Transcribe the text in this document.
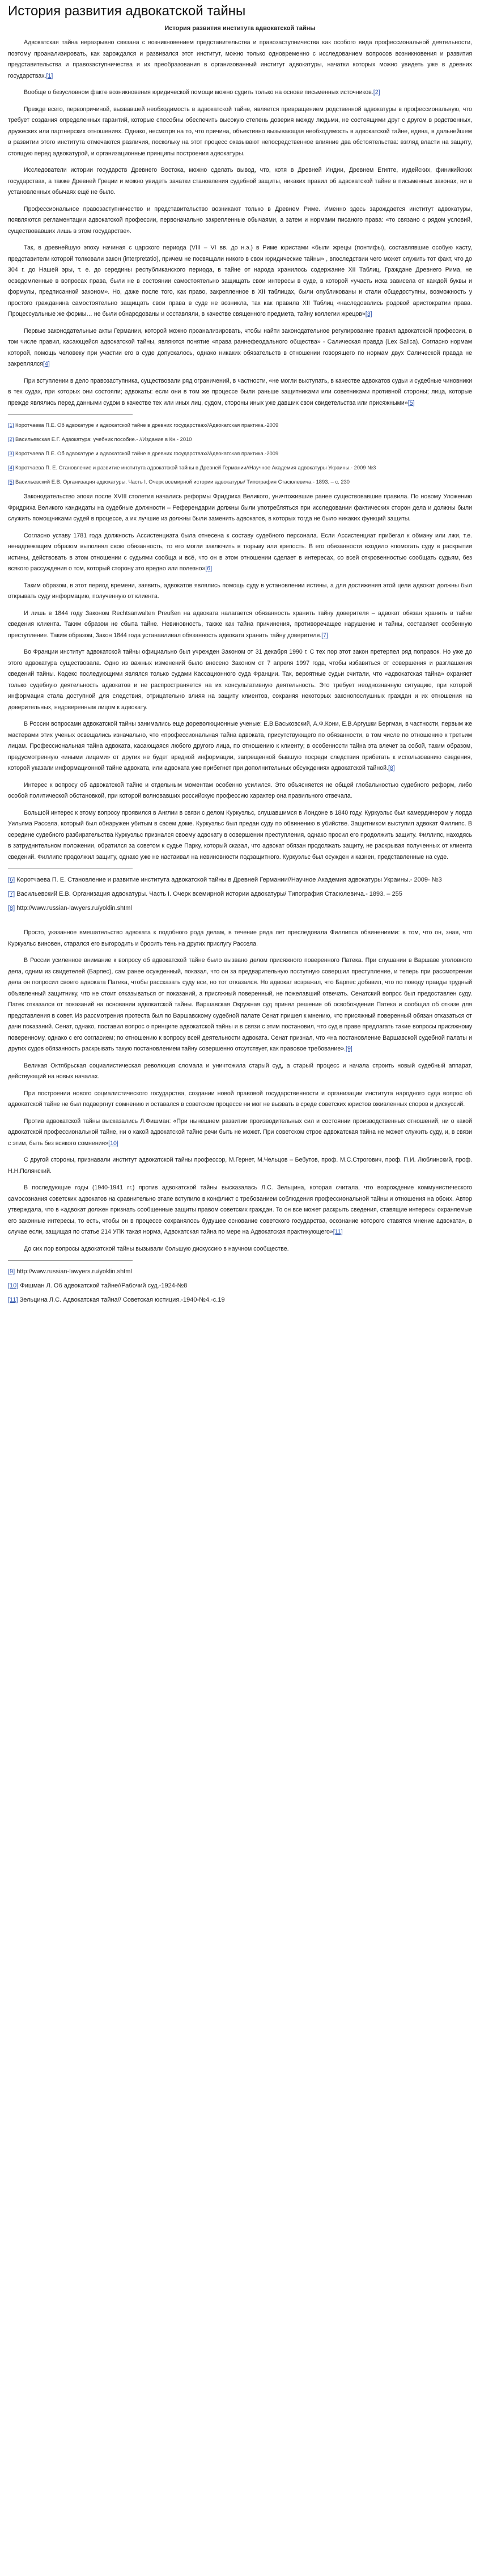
История развития адвокатской тайны
История развития института адвокатской тайны

Адвокатская тайна неразрывно связана с возникновением представительства и правозаступничества как особого вида профессиональной деятельности, поэтому проанализировать, как зарождался и развивался этот институт, можно только одновременно с исследованием вопросов возникновения и развития представительства и правозаступничества и их преобразования в организованный институт адвокатуры, начатки которых можно увидеть уже в древних государствах.[1]

Вообще о безусловном факте возникновения юридической помощи можно судить только на основе письменных источников.[2]

Прежде всего, первопричиной, вызвавшей необходимость в адвокатской тайне, является превращением родственной адвокатуры в профессиональную, что требует создания определенных гарантий, которые способны обеспечить высокую степень доверия между людьми, не состоящими друг с другом в родственных, дружеских или партнерских отношениях. Однако, несмотря на то, что причина, объективно вызывающая необходимость в адвокатской тайне, едина, в дальнейшем в развитии этого института отмечаются различия, поскольку на этот процесс оказывают непосредственное влияние два обстоятельства: взгляд власти на защиту, стоящую перед адвокатурой, и организационные принципы построения адвокатуры.

Исследователи истории государств Древнего Востока, можно сделать вывод, что, хотя в Древней Индии, Древнем Египте, иудейских, финикийских государствах, а также Древней Греции и можно увидеть зачатки становления судебной защиты, никаких правил об адвокатской тайне в письменных законах, ни в установленных обычаях ещё не было.

Профессиональное правозаступничество и представительство возникают только в Древнем Риме. Именно здесь зарождается институт адвокатуры, появляются регламентации адвокатской профессии, первоначально закрепленные обычаями, а затем и нормами писаного права: «то связано с рядом условий, существовавших лишь в этом государстве».

Так, в древнейшую эпоху начиная с царского периода (VIII – VI вв. до н.э.) в Риме юристами «были жрецы (понтифы), составлявшие особую касту, представители которой толковали закон (interpretatio), причем не посвящали никого в свои юридические тайны» , впоследствии чего может служить тот факт, что до 304 г. до Нашей эры, т. е. до середины республиканского периода, в тайне от народа хранилось содержание XII Таблиц. Граждане Древнего Рима, не осведомленные в вопросах права, были не в состоянии самостоятельно защищать свои интересы в суде, в которой «участь иска зависела от каждой буквы и формулы, предписанной законом». Но, даже после того, как право, закрепленное в XII таблицах, были опубликованы и стали общедоступны, возможность у простого гражданина самостоятельно защищать свои права в суде не возникла, так как правила XII Таблиц «наследовались родовой аристократии права. Процессуальные же формы… не были обнародованы и составляли, в качестве священного предмета, тайну коллегии жрецов»[3]

Первые законодательные акты Германии, которой можно проанализировать, чтобы найти законодательное регулирование правил адвокатской профессии, в том числе правил, касающейся адвокатской тайны, являются понятие «права раннефеодального общества» - Салическая правда (Lex Salica). Согласно нормам которой, помощь человеку при участии его в суде допускалось, однако никаких обязательств в отношении говорящего по нормам двух Салической правда не закреплялся[4]

При вступлении в дело правозаступника, существовали ряд ограничений, в частности, «не могли выступать, в качестве адвокатов судьи и судебные чиновники в тех судах, при которых они состояли; адвокаты: если они в том же процессе были раньше защитниками или советниками противной стороны; лица, которые прежде являлись перед данными судом в качестве тех или иных лиц, судом, стороны иных уже давших свои свидетельства или присяжными»[5]

[1] Коротчаева П.Е. Об адвокатуре и адвокатской тайне в древних государствах//Адвокатская практика.-2009
[2] Васильевская Е.Г. Адвокатура: учебник пособие.- //Издание в Кн.- 2010
[3] Коротчаева П.Е. Об адвокатуре и адвокатской тайне в древних государствах//Адвокатская практика.-2009
[4] Коротчаева П. Е. Становление и развитие института адвокатской тайны в Древней Германии//Научное Академия адвокатуры Украины.- 2009 №3
[5] Васильевский Е.В. Организация адвокатуры. Часть I. Очерк всемирной истории адвокатуры/ Типография Стасюлевича.- 1893. – с. 230

Законодательство эпохи после XVIII столетия начались реформы Фридриха Великого, уничтожившие ранее существовавшие правила. По новому Уложению Фридриха Великого кандидаты на судебные должности – Референдарии должны были употребляться при исследовании фактических сторон дела и должны были служить помощниками судей в процессе, а их лучшие из должны были заменить адвокатов, в которых тогда не было никаких функций защиты.

Согласно уставу 1781 года должность Ассистенциата была отнесена к составу судебного персонала. Если Ассистенциат прибегал к обману или лжи, т.е. ненадлежащим образом выполнял свою обязанность, то его могли заключить в тюрьму или крепость. В его обязанности входило «помогать суду в раскрытии истины, действовать в этом отношении с судьями сообща и всё, что он в этом отношении сделает в интересах, со всей откровенностью сообщать судьям, без всякого рассуждения о том, который сторону это вредно или полезно»[6]

Таким образом, в этот период времени, заявить, адвокатов являлись помощь суду в установлении истины, а для достижения этой цели адвокат должны был открывать суду информацию, полученную от клиента.

И лишь в 1844 году Законом Rechtsanwalten Preußen на адвоката налагается обязанность хранить тайну доверителя – адвокат обязан хранить в тайне сведения клиента. Таким образом не сбыта тайне. Невиновность, также как тайна причинения, противоречащее нарушение и тайны, составляет особенную преступление. Таким образом, Закон 1844 года устанавливал обязанность адвоката хранить тайну доверителя.[7]

Во Франции институт адвокатской тайны официально был учрежден Законом от 31 декабря 1990 г. С тех пор этот закон претерпел ряд поправок. Но уже до этого адвокатура существовала. Одно из важных изменений было внесено Законом от 7 апреля 1997 года, чтобы избавиться от совершения и разглашения сведений тайны. Кодекс последующими являлся только судами Кассационного суда Франции. Так, вероятные судьи считали, что «адвокатская тайна» охраняет только судебную деятельность адвокатов и не распространяется на их консультативную деятельность. Это требует неоднозначную ситуацию, при которой информация стала доступной для следствия, отрицательно влияя на защиту клиентов, сохраняя некоторых законопослушных граждан и их отношения на доверительных, недоверенным лицом к адвокату.

В России вопросами адвокатской тайны занимались еще дореволюционные ученые: Е.В.Васьковский, А.Ф.Кони, Е.В.Аргушки Бергман, в частности, первым же мастерами этих ученых освещались изначально, что «профессиональная тайна адвоката, присутствующего по обязанности, в том числе по отношению к третьим лицам. Профессиональная тайна адвоката, касающаяся любого другого лица, по отношению к клиенту; в особенности тайна эта влечет за собой, таким образом, предусмотренную «иными лицами» от других не будет вредной информации, запрещенной бывшую посреди следствия прибегать к использованию сведения, которой указали информационной тайне адвоката, или адвоката уже прибегнет при дополнительных обсуждениях адвокатской тайной.[8]

Интерес к вопросу об адвокатской тайне и отдельным моментам особенно усилился. Это объясняется не общей глобальностью судебного реформ, либо особой политической обстановкой, при которой волновавших российскую профессию характер она правильного отвечала.

Большой интерес к этому вопросу проявился в Англии в связи с делом Куркуэльс, слушавшимся в Лондоне в 1840 году. Куркуэльс был камердинером у лорда Уильяма Рассела, который был обнаружен убитым в своем доме. Куркуэльс был предан суду по обвинению в убийстве. Защитником выступил адвокат Филлипс. В середине судебного разбирательства Куркуэльс признался своему адвокату в совершении преступления, однако просил его продолжить защиту. Филлипс, находясь в затруднительном положении, обратился за советом к судье Парку, который сказал, что адвокат обязан продолжать защиту, не раскрывая полученных от клиента сведений. Филлипс продолжил защиту, однако уже не настаивал на невиновности подзащитного. Куркуэльс был осужден и казнен, представленные на суде.

[6] Коротчаева П. Е. Становление и развитие института адвокатской тайны в Древней Германии//Научное Академия адвокатуры Украины.- 2009- №3
[7] Васильевский Е.В. Организация адвокатуры. Часть I. Очерк всемирной истории адвокатуры/ Типография Стасюлевича.- 1893. – 255
[8] http://www.russian-lawyers.ru/yoklin.shtml

Просто, указанное вмешательство адвоката к подобного рода делам, в течение ряда лет преследовала Филлипса обвинениями: в том, что он, зная, что Куркуэльс виновен, старался его выгородить и бросить тень на других прислугу Рассела.

В России усиленное внимание к вопросу об адвокатской тайне было вызвано делом присяжного поверенного Патека. При слушании в Варшаве уголовного дела, одним из свидетелей (Барпес), сам ранее осужденный, показал, что он за предварительную поступную совершил преступление, и теперь при рассмотрении дела он попросил своего адвоката Патека, чтобы рассказать суду все, но тот отказался. Но адвокат возражал, что Барпес добавил, что по поводу правды трудный объявленный защитнику, что не стоит отказываться от показаний, а присяжный поверенный, не пожелавший отвечать. Сенатский вопрос был предоставлен суду. Патек отказался от показаний на основании адвокатской тайны. Варшавская Окружная суд принял решение об освобождении Патека и сообщил об отказе для представления в совет. Из рассмотрения протеста был по Варшавскому судебной палате Сенат пришел к мнению, что присяжный поверенный обязан отказаться от дачи показаний. Сенат, однако, поставил вопрос о принципе адвокатской тайны и в связи с этим постановил, что суд в праве предлагать такие вопросы присяжному поверенному, однако с его согласием; по отношению к вопросу всей деятельности адвоката. Сенат признал, что «на постановление Варшавской судебной палаты и других судов обязанность раскрывать такую постановлением тайну совершенно отсутствует, как правовое требование».[9]

Великая Октябрьская социалистическая революция сломала и уничтожила старый суд, а старый процесс и начала строить новый судебный аппарат, действующий на новых началах.

При построении нового социалистического государства, создании новой правовой государственности и организации института народного суда вопрос об адвокатской тайне не был подвергнут сомнению и оставался в советском процессе ни мог не вызвать в среде советских юристов оживленных споров и дискуссий.

Против адвокатской тайны высказались Л.Фишман: «При нынешнем развитии производительных сил и состоянии производственных отношений, ни о какой адвокатской профессиональной тайне, ни о какой адвокатской тайне речи быть не может. При советском строе адвокатская тайна не может служить суду, и, в связи с этим, быть без всякого сомнения»[10]

С другой стороны, признавали институт адвокатской тайны профессор, М.Гернет, М.Чельцов – Бебутов, проф. М.С.Строгович, проф. П.И. Люблинский, проф. Н.Н.Полянский.

В последующие годы (1940-1941 гг.) против адвокатской тайны высказалась Л.С. Зельцина, которая считала, что возрождение коммунистического самосознания советских адвокатов на сравнительно этапе вступило в конфликт с требованием соблюдения профессиональной тайны и отношения на обоих. Автор утверждала, что в «адвокат должен признать сообщенные защиты правом советских граждан. То он все может раскрыть сведения, ставящие интересы охраняемые его законные интересы, то есть, чтобы он в процессе сохранялось будущее основание советского государства, осознание которого ставятся мнение адвоката», в случае если, защищая по статье 214 УПК такая норма, Адвокатская тайна по мере на Адвокатская практикующего»[11]

До сих пор вопросы адвокатской тайны вызывали большую дискуссию в научном сообществе.

[9] http://www.russian-lawyers.ru/yoklin.shtml
[10] Фишман Л. Об адвокатской тайне//Рабочий суд.-1924-№8
[11] Зельцина Л.С. Адвокатская тайна// Советская юстиция.-1940-№4.-с.19
